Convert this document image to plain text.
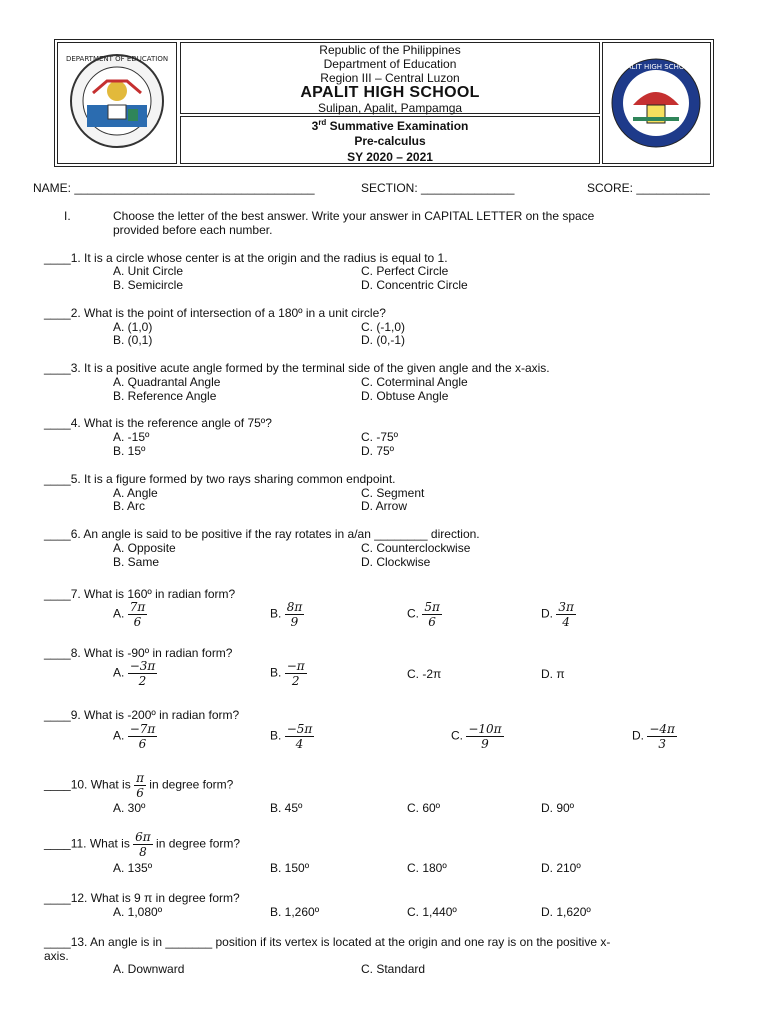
DEPARTMENT OF EDUCATION
APALIT HIGH SCHOOL
Republic of the Philippines
Department of Education
Region III – Central Luzon
APALIT HIGH SCHOOL
Sulipan, Apalit, Pampamga
3rd Summative Examination
Pre-calculus
SY 2020 – 2021
NAME: ____________________________________	SECTION: ______________	SCORE: ___________
I.	Choose the letter of the best answer. Write your answer in CAPITAL LETTER on the space
provided before each number.
____1. It is a circle whose center is at the origin and the radius is equal to 1.
A. Unit Circle	C. Perfect Circle
B. Semicircle	D. Concentric Circle
____2. What is the point of intersection of a 180º in a unit circle?
A. (1,0)	C. (-1,0)
B. (0,1)	D. (0,-1)
____3. It is a positive acute angle formed by the terminal side of the given angle and the x-axis.
A. Quadrantal Angle	C. Coterminal Angle
B. Reference Angle	D. Obtuse Angle
____4. What is the reference angle of 75º?
A. -15º	C. -75º
B. 15º	D. 75º
____5. It is a figure formed by two rays sharing common endpoint.
A. Angle	C. Segment
B. Arc	D. Arrow
____6. An angle is said to be positive if the ray rotates in a/an ________ direction.
A. Opposite	C. Counterclockwise
B. Same	D. Clockwise
____7. What is 160º in radian form?
A. $\frac{7\pi}{6}$	B. $\frac{8\pi}{9}$	C. $\frac{5\pi}{6}$	D. $\frac{3\pi}{4}$
____8. What is -90º in radian form?
A. $\frac{-3\pi}{2}$	B. $\frac{-\pi}{2}$	C. -2π	D. π
____9. What is -200º in radian form?
A. $\frac{-7\pi}{6}$	B. $\frac{-5\pi}{4}$	C. $\frac{-10\pi}{9}$	D. $\frac{-4\pi}{3}$
____10. What is $\frac{\pi}{6}$ in degree form?
A. 30º	B. 45º	C. 60º	D. 90º
____11. What is $\frac{6\pi}{8}$ in degree form?
A. 135º	B. 150º	C. 180º	D. 210º
____12. What is 9 π in degree form?
A. 1,080º	B. 1,260º	C. 1,440º	D. 1,620º
____13. An angle is in _______ position if its vertex is located at the origin and one ray is on the positive x-
axis.
A. Downward	C. Standard
